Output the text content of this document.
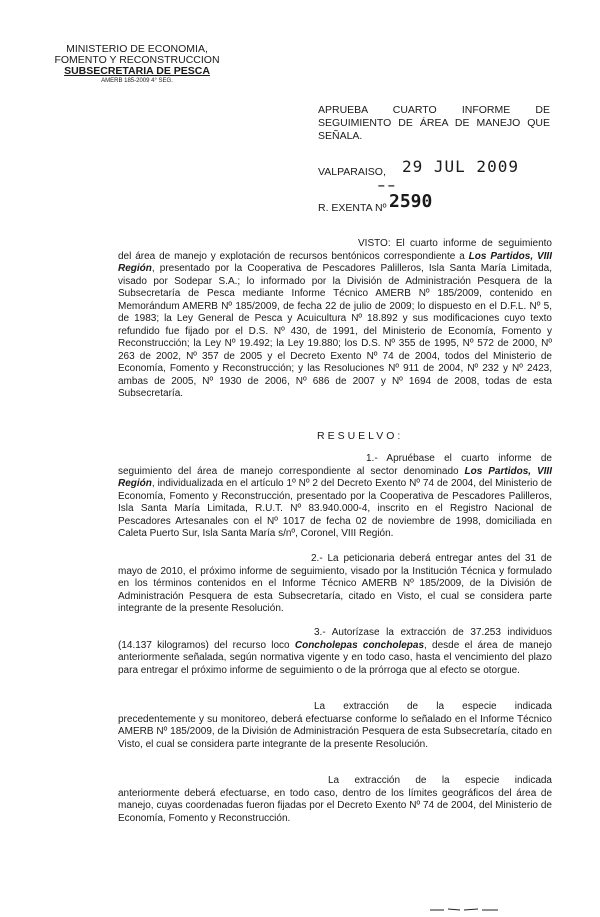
MINISTERIO DE ECONOMIA,
FOMENTO Y RECONSTRUCCION
SUBSECRETARIA DE PESCA
AMERB 185-2009 4° SEG.
APRUEBA CUARTO INFORME DE
SEGUIMIENTO DE ÁREA DE MANEJO QUE
SEÑALA.
VALPARAISO, 29 JUL 2009
– –
R. EXENTA Nº 2590
VISTO: El cuarto informe de seguimiento del área de manejo y explotación de recursos bentónicos correspondiente a Los Partidos, VIII Región, presentado por la Cooperativa de Pescadores Palilleros, Isla Santa María Limitada, visado por Sodepar S.A.; lo informado por la División de Administración Pesquera de la Subsecretaría de Pesca mediante Informe Técnico AMERB Nº 185/2009, contenido en Memorándum AMERB Nº 185/2009, de fecha 22 de julio de 2009; lo dispuesto en el D.F.L. Nº 5, de 1983; la Ley General de Pesca y Acuicultura Nº 18.892 y sus modificaciones cuyo texto refundido fue fijado por el D.S. Nº 430, de 1991, del Ministerio de Economía, Fomento y Reconstrucción; la Ley Nº 19.492; la Ley 19.880; los D.S. Nº 355 de 1995, Nº 572 de 2000, Nº 263 de 2002, Nº 357 de 2005 y el Decreto Exento Nº 74 de 2004, todos del Ministerio de Economía, Fomento y Reconstrucción; y las Resoluciones Nº 911 de 2004, Nº 232 y Nº 2423, ambas de 2005, Nº 1930 de 2006, Nº 686 de 2007 y Nº 1694 de 2008, todas de esta Subsecretaría.
RESUELVO:
1.- Apruébase el cuarto informe de seguimiento del área de manejo correspondiente al sector denominado Los Partidos, VIII Región, individualizada en el artículo 1º Nº 2 del Decreto Exento Nº 74 de 2004, del Ministerio de Economía, Fomento y Reconstrucción, presentado por la Cooperativa de Pescadores Palilleros, Isla Santa María Limitada, R.U.T. Nº 83.940.000-4, inscrito en el Registro Nacional de Pescadores Artesanales con el Nº 1017 de fecha 02 de noviembre de 1998, domiciliada en Caleta Puerto Sur, Isla Santa María s/nº, Coronel, VIII Región.
2.- La peticionaria deberá entregar antes del 31 de mayo de 2010, el próximo informe de seguimiento, visado por la Institución Técnica y formulado en los términos contenidos en el Informe Técnico AMERB Nº 185/2009, de la División de Administración Pesquera de esta Subsecretaría, citado en Visto, el cual se considera parte integrante de la presente Resolución.
3.- Autorízase la extracción de 37.253 individuos (14.137 kilogramos) del recurso loco Concholepas concholepas, desde el área de manejo anteriormente señalada, según normativa vigente y en todo caso, hasta el vencimiento del plazo para entregar el próximo informe de seguimiento o de la prórroga que al efecto se otorgue.
La extracción de la especie indicada precedentemente y su monitoreo, deberá efectuarse conforme lo señalado en el Informe Técnico AMERB Nº 185/2009, de la División de Administración Pesquera de esta Subsecretaría, citado en Visto, el cual se considera parte integrante de la presente Resolución.
La extracción de la especie indicada anteriormente deberá efectuarse, en todo caso, dentro de los límites geográficos del área de manejo, cuyas coordenadas fueron fijadas por el Decreto Exento Nº 74 de 2004, del Ministerio de Economía, Fomento y Reconstrucción.
